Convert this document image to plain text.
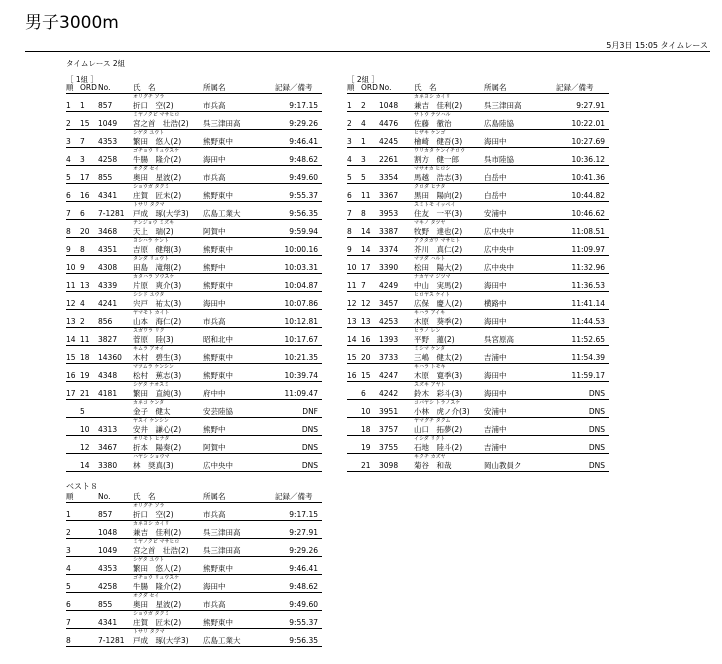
男子3000m
5月3日 15:05 タイムレース
タイムレース 2組
［ 1組 ］
順	ORD	No.	氏　名	所属名	記録／備考
			オリグチ ソラ		
1	1	857	折口　空(2)	市兵高	9:17.15
			ミヤノクビ マサヒロ		
2	15	1049	宮之首　壮浩(2)	呉三津田高	9:29.26
			シゲタ ユウト		
3	7	4353	繁田　悠人(2)	熊野東中	9:46.41
			ゴチョウ リュウスケ		
4	3	4258	牛腸　隆介(2)	海田中	9:48.62
			オクダ セイ		
5	17	855	奥田　星波(2)	市兵高	9:49.60
			ショウガ タクミ		
6	16	4341	庄賀　匠未(2)	熊野東中	9:55.37
			トサリ タクマ		
7	6	7-1281	戸成　琢(大学3)	広島工業大	9:56.35
			テンジョウ ミズキ		
8	20	3468	天上　瑞(2)	阿賀中	9:59.94
			ヨシハラ ケント		
9	8	4351	吉原　健翔(3)	熊野東中	10:00.16
			タンダ リュウト		
10	9	4308	田島　滝翔(2)	熊野中	10:03.31
			カタハラ ソウスケ		
11	13	4339	片原　爽介(3)	熊野東中	10:04.87
			シシド ユウタ		
12	4	4241	宍戸　祐太(3)	海田中	10:07.86
			ヤマモト カイト		
13	2	856	山本　海仁(2)	市兵高	10:12.81
			スガワラ リク		
14	11	3827	菅原　陸(3)	昭和北中	10:17.67
			キムラ アオイ		
15	18	14360	木村　碧生(3)	熊野東中	10:21.35
			マツムラ ケンシン		
16	19	4348	松村　蕉志(3)	熊野東中	10:39.74
			シゲタ ナオスミ		
17	21	4181	繁田　直純(3)	府中中	11:09.47
			カネコ ケンタ		
	5		金子　健太	安芸陸協	DNF
			ヤスイ ケンシン		
	10	4313	安井　謙心(2)	熊野中	DNS
			オリモト ヒナタ		
	12	3467	折本　陽奏(2)	阿賀中	DNS
			ハヤシ ショウマ		
	14	3380	林　奨真(3)	広中央中	DNS
［ 2組 ］
順	ORD	No.	氏　名	所属名	記録／備考
			カネヨシ カイリ		
1	2	1048	兼吉　佳利(2)	呉三津田高	9:27.91
			サトウ テツハル		
2	4	4476	佐藤　徹治	広島陸協	10:22.01
			ヒザキ ケンゴ		
3	1	4245	檜崎　健吾(3)	海田中	10:27.69
			ワリカタ ケンイチロウ		
4	3	2261	割方　健一郎	呉市陸協	10:36.12
			マサオカ ヒロシ		
5	5	3354	馬越　浩志(3)	白岳中	10:41.36
			クロダ ヒナタ		
6	11	3367	黒田　陽向(2)	白岳中	10:44.82
			スミトモ イッペイ		
7	8	3953	住友　一平(3)	安浦中	10:46.62
			マキノ タツヤ		
8	14	3387	牧野　達也(2)	広中央中	11:08.51
			アクタガワ マサヒト		
9	14	3374	芥川　真仁(2)	広中央中	11:09.97
			マツダ ハルト		
10	17	3390	松田　陽大(2)	広中央中	11:32.96
			ナカヤマ ジツマ		
11	7	4249	中山　実馬(2)	海田中	11:36.53
			ヒロヤス ケイト		
12	12	3457	広保　慶人(2)	横路中	11:41.14
			キハラ アイキ		
13	13	4253	木原　葵季(2)	海田中	11:44.53
			ヒラノ レン		
14	16	1393	平野　蓮(2)	呉宮原高	11:52.65
			ミシマ ケンタ		
15	20	3733	三嶋　健太(2)	吉浦中	11:54.39
			キハラ トモキ		
16	15	4247	木原　寛季(3)	海田中	11:59.17
			スズキ アヤト		
	6	4242	鈴木　彩斗(3)	海田中	DNS
			コバヤシ トラノスケ		
	10	3951	小林　虎ノ介(3)	安浦中	DNS
			ヤマグチ タクム		
	18	3757	山口　拓夢(2)	吉浦中	DNS
			イシダ リクト		
	19	3755	石地　陸斗(2)	吉浦中	DNS
			キクチ カズヤ		
	21	3098	菊谷　和哉	岡山教員ク	DNS
ベスト８
順	No.	氏　名	所属名	記録／備考
		オリグチ ソラ		
1	857	折口　空(2)	市兵高	9:17.15
		カネヨシ カイリ		
2	1048	兼吉　佳利(2)	呉三津田高	9:27.91
		ミヤノクビ マサヒロ		
3	1049	宮之首　壮浩(2)	呉三津田高	9:29.26
		シゲタ ユウト		
4	4353	繁田　悠人(2)	熊野東中	9:46.41
		ゴチョウ リュウスケ		
5	4258	牛腸　隆介(2)	海田中	9:48.62
		オクダ セイ		
6	855	奥田　星波(2)	市兵高	9:49.60
		ショウガ タクミ		
7	4341	庄賀　匠未(2)	熊野東中	9:55.37
		トサリ タクマ		
8	7-1281	戸成　琢(大学3)	広島工業大	9:56.35
